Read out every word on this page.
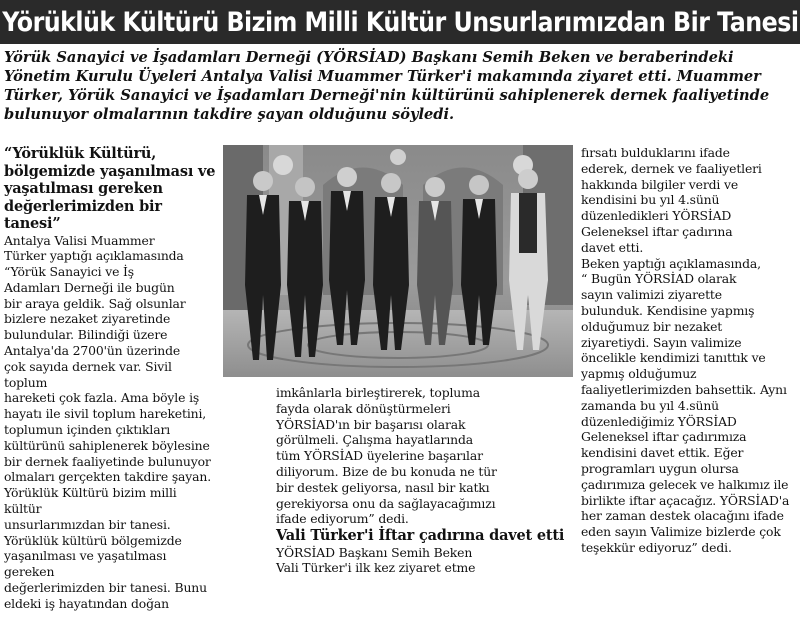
Yörüklük Kültürü Bizim Milli Kültür Unsurlarımızdan Bir Tanesi

Yörük Sanayici ve İşadamları Derneği (YÖRSİAD) Başkanı Semih Beken ve beraberindeki

Yönetim Kurulu Üyeleri Antalya Valisi Muammer Türker'i makamında ziyaret etti. Muammer

Türker, Yörük Sanayici ve İşadamları Derneği'nin kültürünü sahiplenerek dernek faaliyetinde

bulunuyor olmalarının takdire şayan olduğunu söyledi.

“Yörüklük Kültürü, bölgemizde yaşanılması ve yaşatılması gereken değerlerimizden bir tanesi”

Antalya Valisi Muammer

Türker yaptığı açıklamasında

“Yörük Sanayici ve İş

Adamları Derneği ile bugün

bir araya geldik. Sağ olsunlar

bizlere nezaket ziyaretinde

bulundular. Bilindiği üzere

Antalya'da 2700'ün üzerinde

çok sayıda dernek var. Sivil toplum

hareketi çok fazla. Ama böyle iş

hayatı ile sivil toplum hareketini,

toplumun içinden çıktıkları

kültürünü sahiplenerek böylesine

bir dernek faaliyetinde bulunuyor

olmaları gerçekten takdire şayan.

Yörüklük Kültürü bizim milli kültür

unsurlarımızdan bir tanesi.

Yörüklük kültürü bölgemizde

yaşanılması ve yaşatılması gereken

değerlerimizden bir tanesi. Bunu

eldeki iş hayatından doğan

imkânlarla birleştirerek, topluma

fayda olarak dönüştürmeleri

YÖRSİAD'ın bir başarısı olarak

görülmeli. Çalışma hayatlarında

tüm YÖRSİAD üyelerine başarılar

diliyorum. Bize de bu konuda ne tür

bir destek geliyorsa, nasıl bir katkı

gerekiyorsa onu da sağlayacağımızı

ifade ediyorum” dedi.

Vali Türker'i İftar çadırına davet etti

YÖRSİAD Başkanı Semih Beken

Vali Türker'i ilk kez ziyaret etme

fırsatı bulduklarını ifade

ederek, dernek ve faaliyetleri

hakkında bilgiler verdi ve

kendisini bu yıl 4.sünü

düzenledikleri YÖRSİAD

Geleneksel iftar çadırına

davet etti.

Beken yaptığı açıklamasında,

“ Bugün YÖRSİAD olarak

sayın valimizi ziyarette

bulunduk. Kendisine yapmış

olduğumuz bir nezaket

ziyaretiydi. Sayın valimize

öncelikle kendimizi tanıttık ve

yapmış olduğumuz

faaliyetlerimizden bahsettik. Aynı

zamanda bu yıl 4.sünü

düzenlediğimiz YÖRSİAD

Geleneksel iftar çadırımıza

kendisini davet ettik. Eğer

programları uygun olursa

çadırımıza gelecek ve halkımız ile

birlikte iftar açacağız. YÖRSİAD'a

her zaman destek olacağını ifade

eden sayın Valimize bizlerde çok

teşekkür ediyoruz” dedi.
